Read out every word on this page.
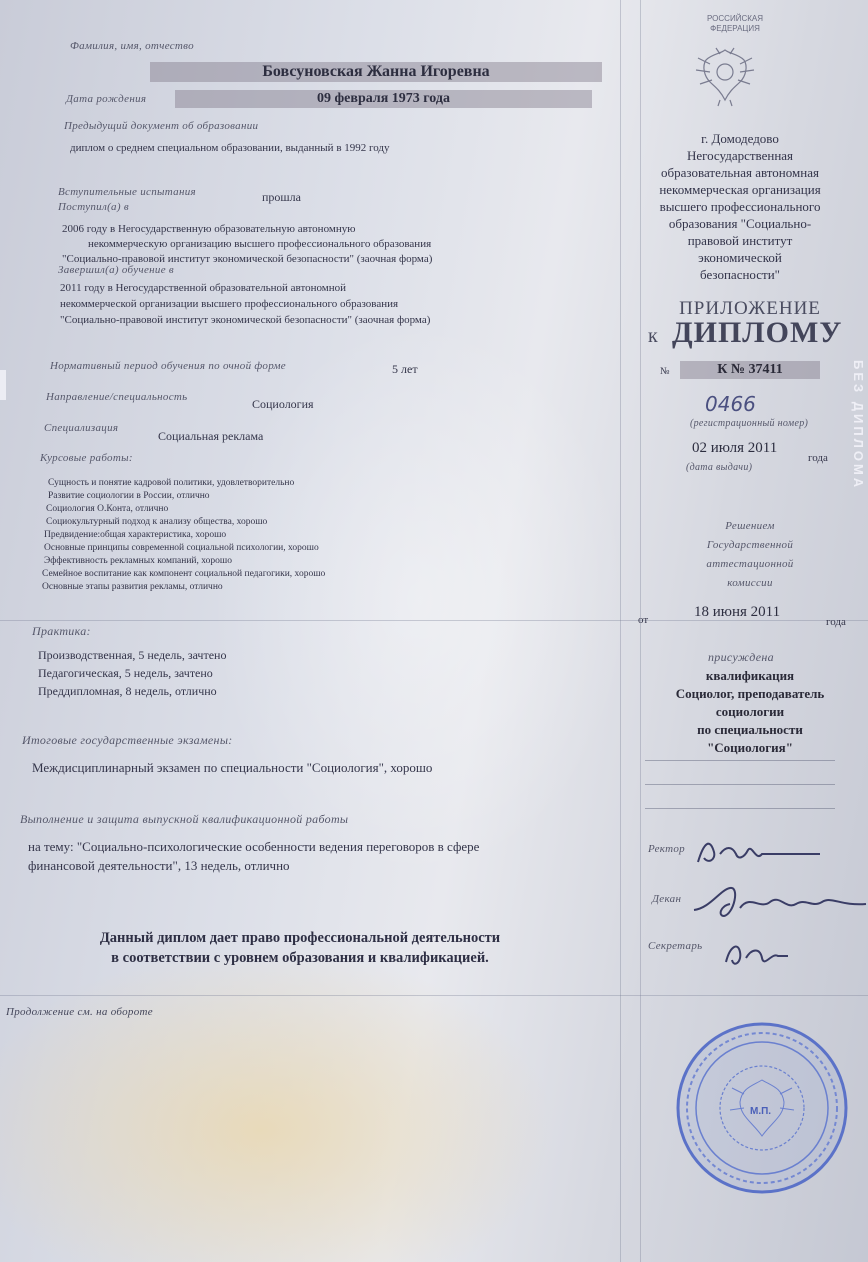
Фамилия, имя, отчество
Бовсуновская Жанна Игоревна
Дата рождения	09 февраля 1973 года
Предыдущий документ об образовании
диплом о среднем специальном образовании, выданный в 1992 году
Вступительные испытания	прошла
Поступил(а) в
2006 году в Негосударственную образовательную автономную
некоммерческую организацию высшего профессионального образования
"Социально-правовой институт экономической безопасности" (заочная форма)
Завершил(а) обучение в
2011 году в Негосударственной образовательной автономной
некоммерческой организации высшего профессионального образования
"Социально-правовой институт экономической безопасности" (заочная форма)
Нормативный период обучения по очной форме	5 лет
Направление/специальность	Социология
Специализация
Социальная реклама
Курсовые работы:
Сущность и понятие кадровой политики, удовлетворительно
Развитие социологии в России, отлично
Социология О.Конта, отлично
Социокультурный подход к анализу общества, хорошо
Предвидение:общая характеристика, хорошо
Основные принципы современной социальной психологии, хорошо
Эффективность рекламных компаний, хорошо
Семейное воспитание как компонент социальной педагогики, хорошо
Основные этапы развития рекламы, отлично
Практика:
Производственная, 5 недель, зачтено
Педагогическая, 5 недель, зачтено
Преддипломная, 8 недель, отлично
Итоговые государственные экзамены:
Междисциплинарный экзамен по специальности "Социология", хорошо
Выполнение и защита выпускной квалификационной работы
на тему: "Социально-психологические особенности ведения переговоров в сфере
финансовой деятельности", 13 недель, отлично
Данный диплом дает право профессиональной деятельности
в соответствии с уровнем образования и квалификацией.
Продолжение см. на обороте
РОССИЙСКАЯ
ФЕДЕРАЦИЯ
г. Домодедово
Негосударственная
образовательная автономная
некоммерческая организация
высшего профессионального
образования "Социально-
правовой институт
экономической
безопасности"
ПРИЛОЖЕНИЕ
к ДИПЛОМУ
№	К № 37411
0466
(регистрационный номер)
02 июля 2011
года
(дата выдачи)
Решением
Государственной
аттестационной
комиссии
от	18 июня 2011
года
присуждена
квалификация
Социолог, преподаватель
социологии
по специальности
"Социология"
Ректор
Декан
Секретарь
М.П.
БЕЗ ДИПЛОМА
